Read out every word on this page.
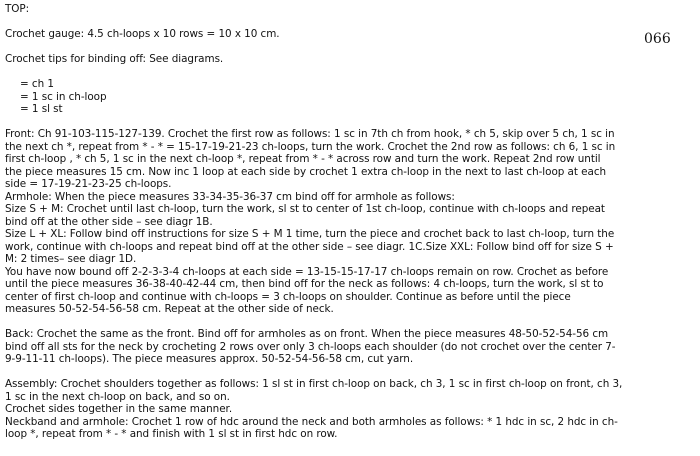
066
TOP:
Crochet gauge: 4.5 ch-loops x 10 rows = 10 x 10 cm.
Crochet tips for binding off: See diagrams.
= ch 1
= 1 sc in ch-loop
= 1 sl st
Front: Ch 91-103-115-127-139. Crochet the first row as follows: 1 sc in 7th ch from hook, * ch 5, skip over 5 ch, 1 sc in
the next ch *, repeat from * - * = 15-17-19-21-23 ch-loops, turn the work. Crochet the 2nd row as follows: ch 6, 1 sc in
first ch-loop , * ch 5, 1 sc in the next ch-loop *, repeat from * - * across row and turn the work. Repeat 2nd row until
the piece measures 15 cm. Now inc 1 loop at each side by crochet 1 extra ch-loop in the next to last ch-loop at each
side = 17-19-21-23-25 ch-loops.
Armhole: When the piece measures 33-34-35-36-37 cm bind off for armhole as follows:
Size S + M: Crochet until last ch-loop, turn the work, sl st to center of 1st ch-loop, continue with ch-loops and repeat
bind off at the other side – see diagr 1B.
Size L + XL: Follow bind off instructions for size S + M 1 time, turn the piece and crochet back to last ch-loop, turn the
work, continue with ch-loops and repeat bind off at the other side – see diagr. 1C.Size XXL: Follow bind off for size S +
M: 2 times– see diagr 1D.
You have now bound off 2-2-3-3-4 ch-loops at each side = 13-15-15-17-17 ch-loops remain on row. Crochet as before
until the piece measures 36-38-40-42-44 cm, then bind off for the neck as follows: 4 ch-loops, turn the work, sl st to
center of first ch-loop and continue with ch-loops = 3 ch-loops on shoulder. Continue as before until the piece
measures 50-52-54-56-58 cm. Repeat at the other side of neck.
Back: Crochet the same as the front. Bind off for armholes as on front. When the piece measures 48-50-52-54-56 cm
bind off all sts for the neck by crocheting 2 rows over only 3 ch-loops each shoulder (do not crochet over the center 7-
9-9-11-11 ch-loops). The piece measures approx. 50-52-54-56-58 cm, cut yarn.
Assembly: Crochet shoulders together as follows: 1 sl st in first ch-loop on back, ch 3, 1 sc in first ch-loop on front, ch 3,
1 sc in the next ch-loop on back, and so on.
Crochet sides together in the same manner.
Neckband and armhole: Crochet 1 row of hdc around the neck and both armholes as follows: * 1 hdc in sc, 2 hdc in ch-
loop *, repeat from * - * and finish with 1 sl st in first hdc on row.
